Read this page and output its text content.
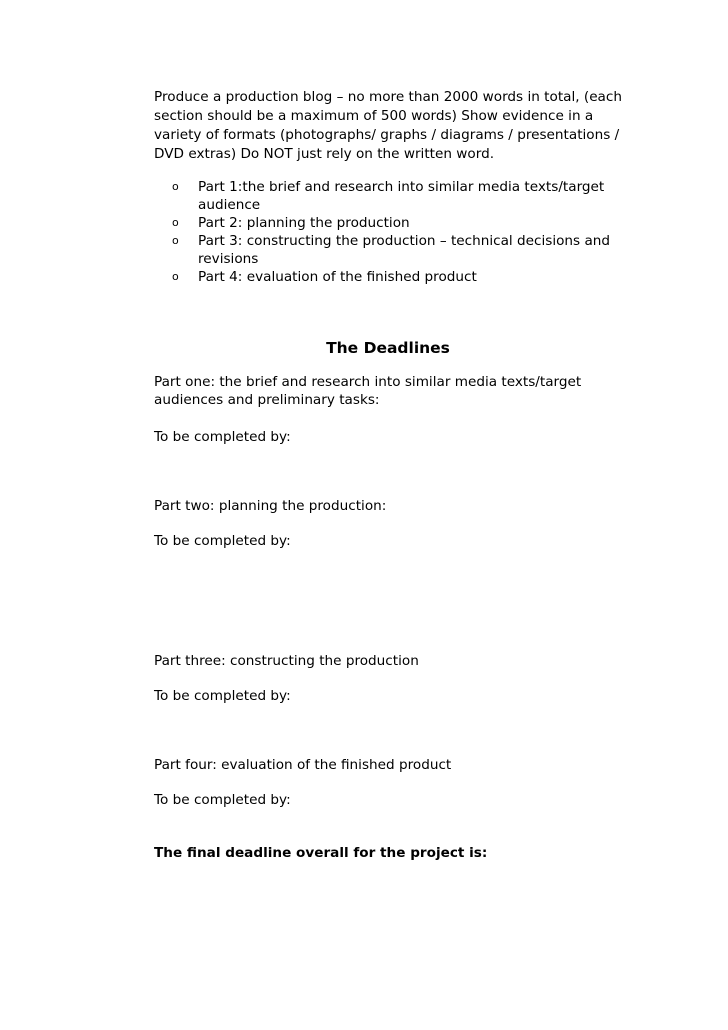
Produce a production blog – no more than 2000 words in total, (each
section should be a maximum of 500 words) Show evidence in a
variety of formats (photographs/ graphs / diagrams / presentations /
DVD extras) Do NOT just rely on the written word.
o Part 1:the brief and research into similar media texts/target
audience
o Part 2: planning the production
o Part 3: constructing the production – technical decisions and
revisions
o Part 4: evaluation of the finished product
The Deadlines
Part one: the brief and research into similar media texts/target
audiences and preliminary tasks:
To be completed by:
Part two: planning the production:
To be completed by:
Part three: constructing the production
To be completed by:
Part four: evaluation of the finished product
To be completed by:
The final deadline overall for the project is:
